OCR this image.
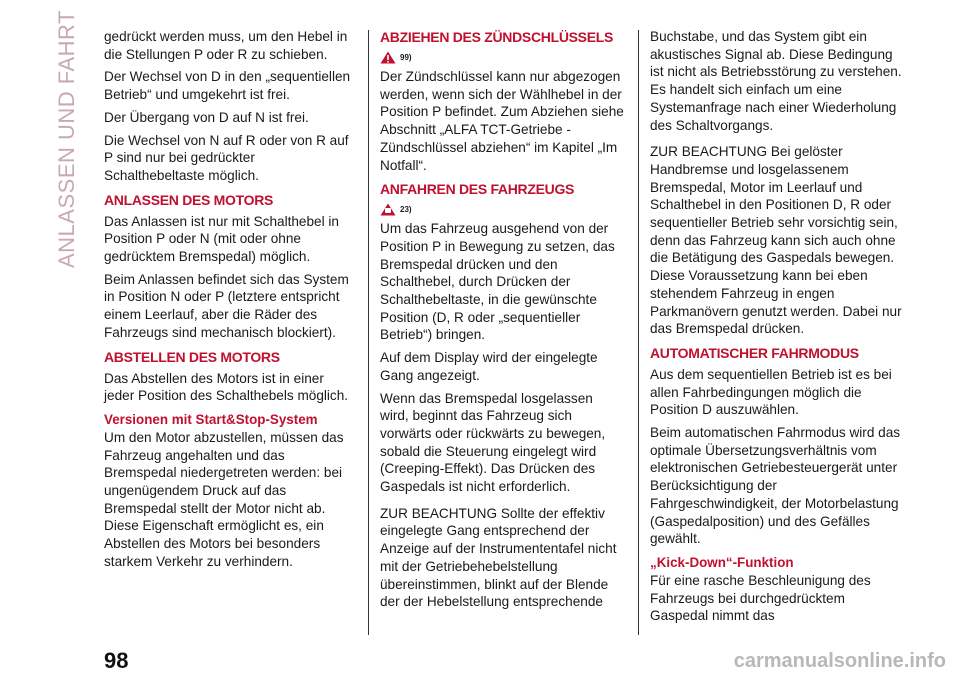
ANLASSEN UND FAHRT gedrückt werden muss, um den Hebel in die Stellungen P oder R zu schieben.

Der Wechsel von D in den „sequentiellen Betrieb“ und umgekehrt ist frei.

Der Übergang von D auf N ist frei.

Die Wechsel von N auf R oder von R auf P sind nur bei gedrückter Schalthebeltaste möglich.

ANLASSEN DES MOTORS

Das Anlassen ist nur mit Schalthebel in Position P oder N (mit oder ohne gedrücktem Bremspedal) möglich.

Beim Anlassen befindet sich das System in Position N oder P (letztere entspricht einem Leerlauf, aber die Räder des Fahrzeugs sind mechanisch blockiert).

ABSTELLEN DES MOTORS

Das Abstellen des Motors ist in einer jeder Position des Schalthebels möglich.

Versionen mit Start&Stop-System

Um den Motor abzustellen, müssen das Fahrzeug angehalten und das Bremspedal niedergetreten werden: bei ungenügendem Druck auf das Bremspedal stellt der Motor nicht ab. Diese Eigenschaft ermöglicht es, ein Abstellen des Motors bei besonders starkem Verkehr zu verhindern.

ABZIEHEN DES ZÜNDSCHLÜSSELS
99)

Der Zündschlüssel kann nur abgezogen werden, wenn sich der Wählhebel in der Position P befindet. Zum Abziehen siehe Abschnitt „ALFA TCT-Getriebe - Zündschlüssel abziehen“ im Kapitel „Im Notfall“.

ANFAHREN DES FAHRZEUGS
23)

Um das Fahrzeug ausgehend von der Position P in Bewegung zu setzen, das Bremspedal drücken und den Schalthebel, durch Drücken der Schalthebeltaste, in die gewünschte Position (D, R oder „sequentieller Betrieb“) bringen.

Auf dem Display wird der eingelegte Gang angezeigt.

Wenn das Bremspedal losgelassen wird, beginnt das Fahrzeug sich vorwärts oder rückwärts zu bewegen, sobald die Steuerung eingelegt wird (Creeping-Effekt). Das Drücken des Gaspedals ist nicht erforderlich.

ZUR BEACHTUNG Sollte der effektiv eingelegte Gang entsprechend der Anzeige auf der Instrumententafel nicht mit der Getriebehebelstellung übereinstimmen, blinkt auf der Blende der der Hebelstellung entsprechende

Buchstabe, und das System gibt ein akustisches Signal ab. Diese Bedingung ist nicht als Betriebsstörung zu verstehen. Es handelt sich einfach um eine Systemanfrage nach einer Wiederholung des Schaltvorgangs.

ZUR BEACHTUNG Bei gelöster Handbremse und losgelassenem Bremspedal, Motor im Leerlauf und Schalthebel in den Positionen D, R oder sequentieller Betrieb sehr vorsichtig sein, denn das Fahrzeug kann sich auch ohne die Betätigung des Gaspedals bewegen. Diese Voraussetzung kann bei eben stehendem Fahrzeug in engen Parkmanövern genutzt werden. Dabei nur das Bremspedal drücken.

AUTOMATISCHER FAHRMODUS

Aus dem sequentiellen Betrieb ist es bei allen Fahrbedingungen möglich die Position D auszuwählen.

Beim automatischen Fahrmodus wird das optimale Übersetzungsverhältnis vom elektronischen Getriebesteuergerät unter Berücksichtigung der Fahrgeschwindigkeit, der Motorbelastung (Gaspedalposition) und des Gefälles gewählt.

„Kick-Down“-Funktion

Für eine rasche Beschleunigung des Fahrzeugs bei durchgedrücktem Gaspedal nimmt das

98	carmanualsonline.info
